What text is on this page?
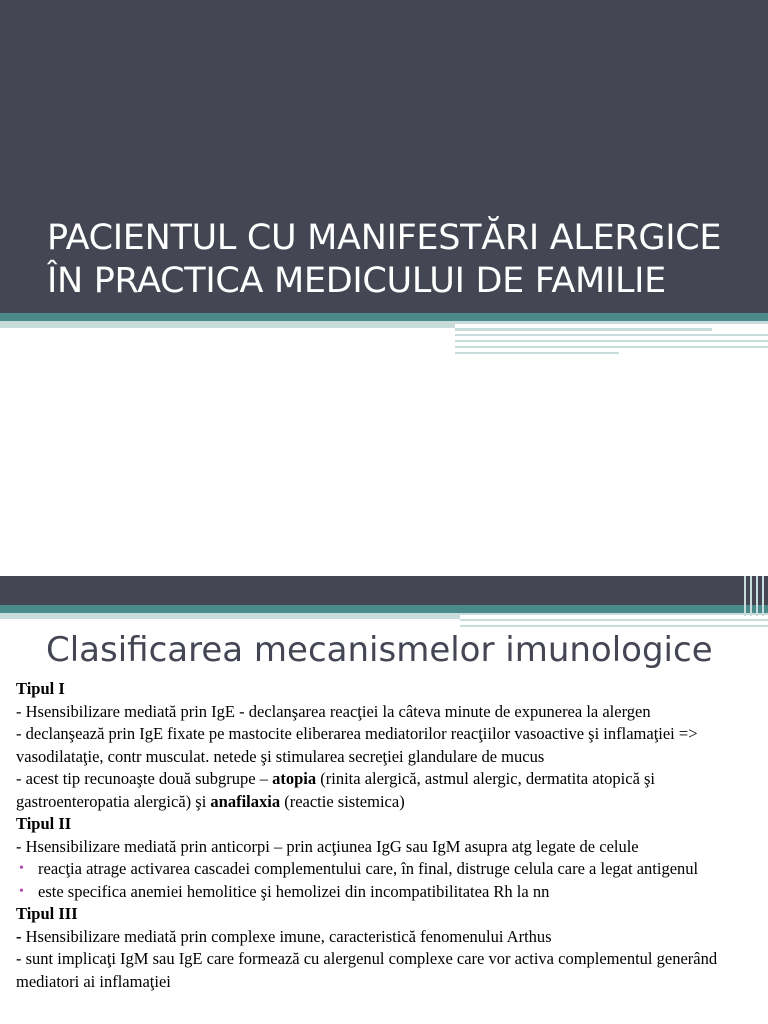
PACIENTUL CU MANIFESTĂRI ALERGICE
ÎN PRACTICA MEDICULUI DE FAMILIE
Clasificarea mecanismelor imunologice

Tipul I

- Hsensibilizare mediată prin IgE - declanşarea reacţiei la câteva minute de expunerea la alergen

- declanşează prin IgE fixate pe mastocite eliberarea mediatorilor reacţiilor vasoactive şi inflamaţiei => vasodilataţie, contr musculat. netede şi stimularea secreţiei glandulare de mucus

- acest tip recunoaşte două subgrupe – atopia (rinita alergică, astmul alergic, dermatita atopică şi gastroenteropatia alergică) şi anafilaxia (reactie sistemica)

Tipul II

- Hsensibilizare mediată prin anticorpi – prin acţiunea IgG sau IgM asupra atg legate de celule

• reacţia atrage activarea cascadei complementului care, în final, distruge celula care a legat antigenul

• este specifica anemiei hemolitice şi hemolizei din incompatibilitatea Rh la nn

Tipul III

- Hsensibilizare mediată prin complexe imune, caracteristică fenomenului Arthus

- sunt implicaţi IgM sau IgE care formează cu alergenul complexe care vor activa complementul generând mediatori ai inflamaţiei
